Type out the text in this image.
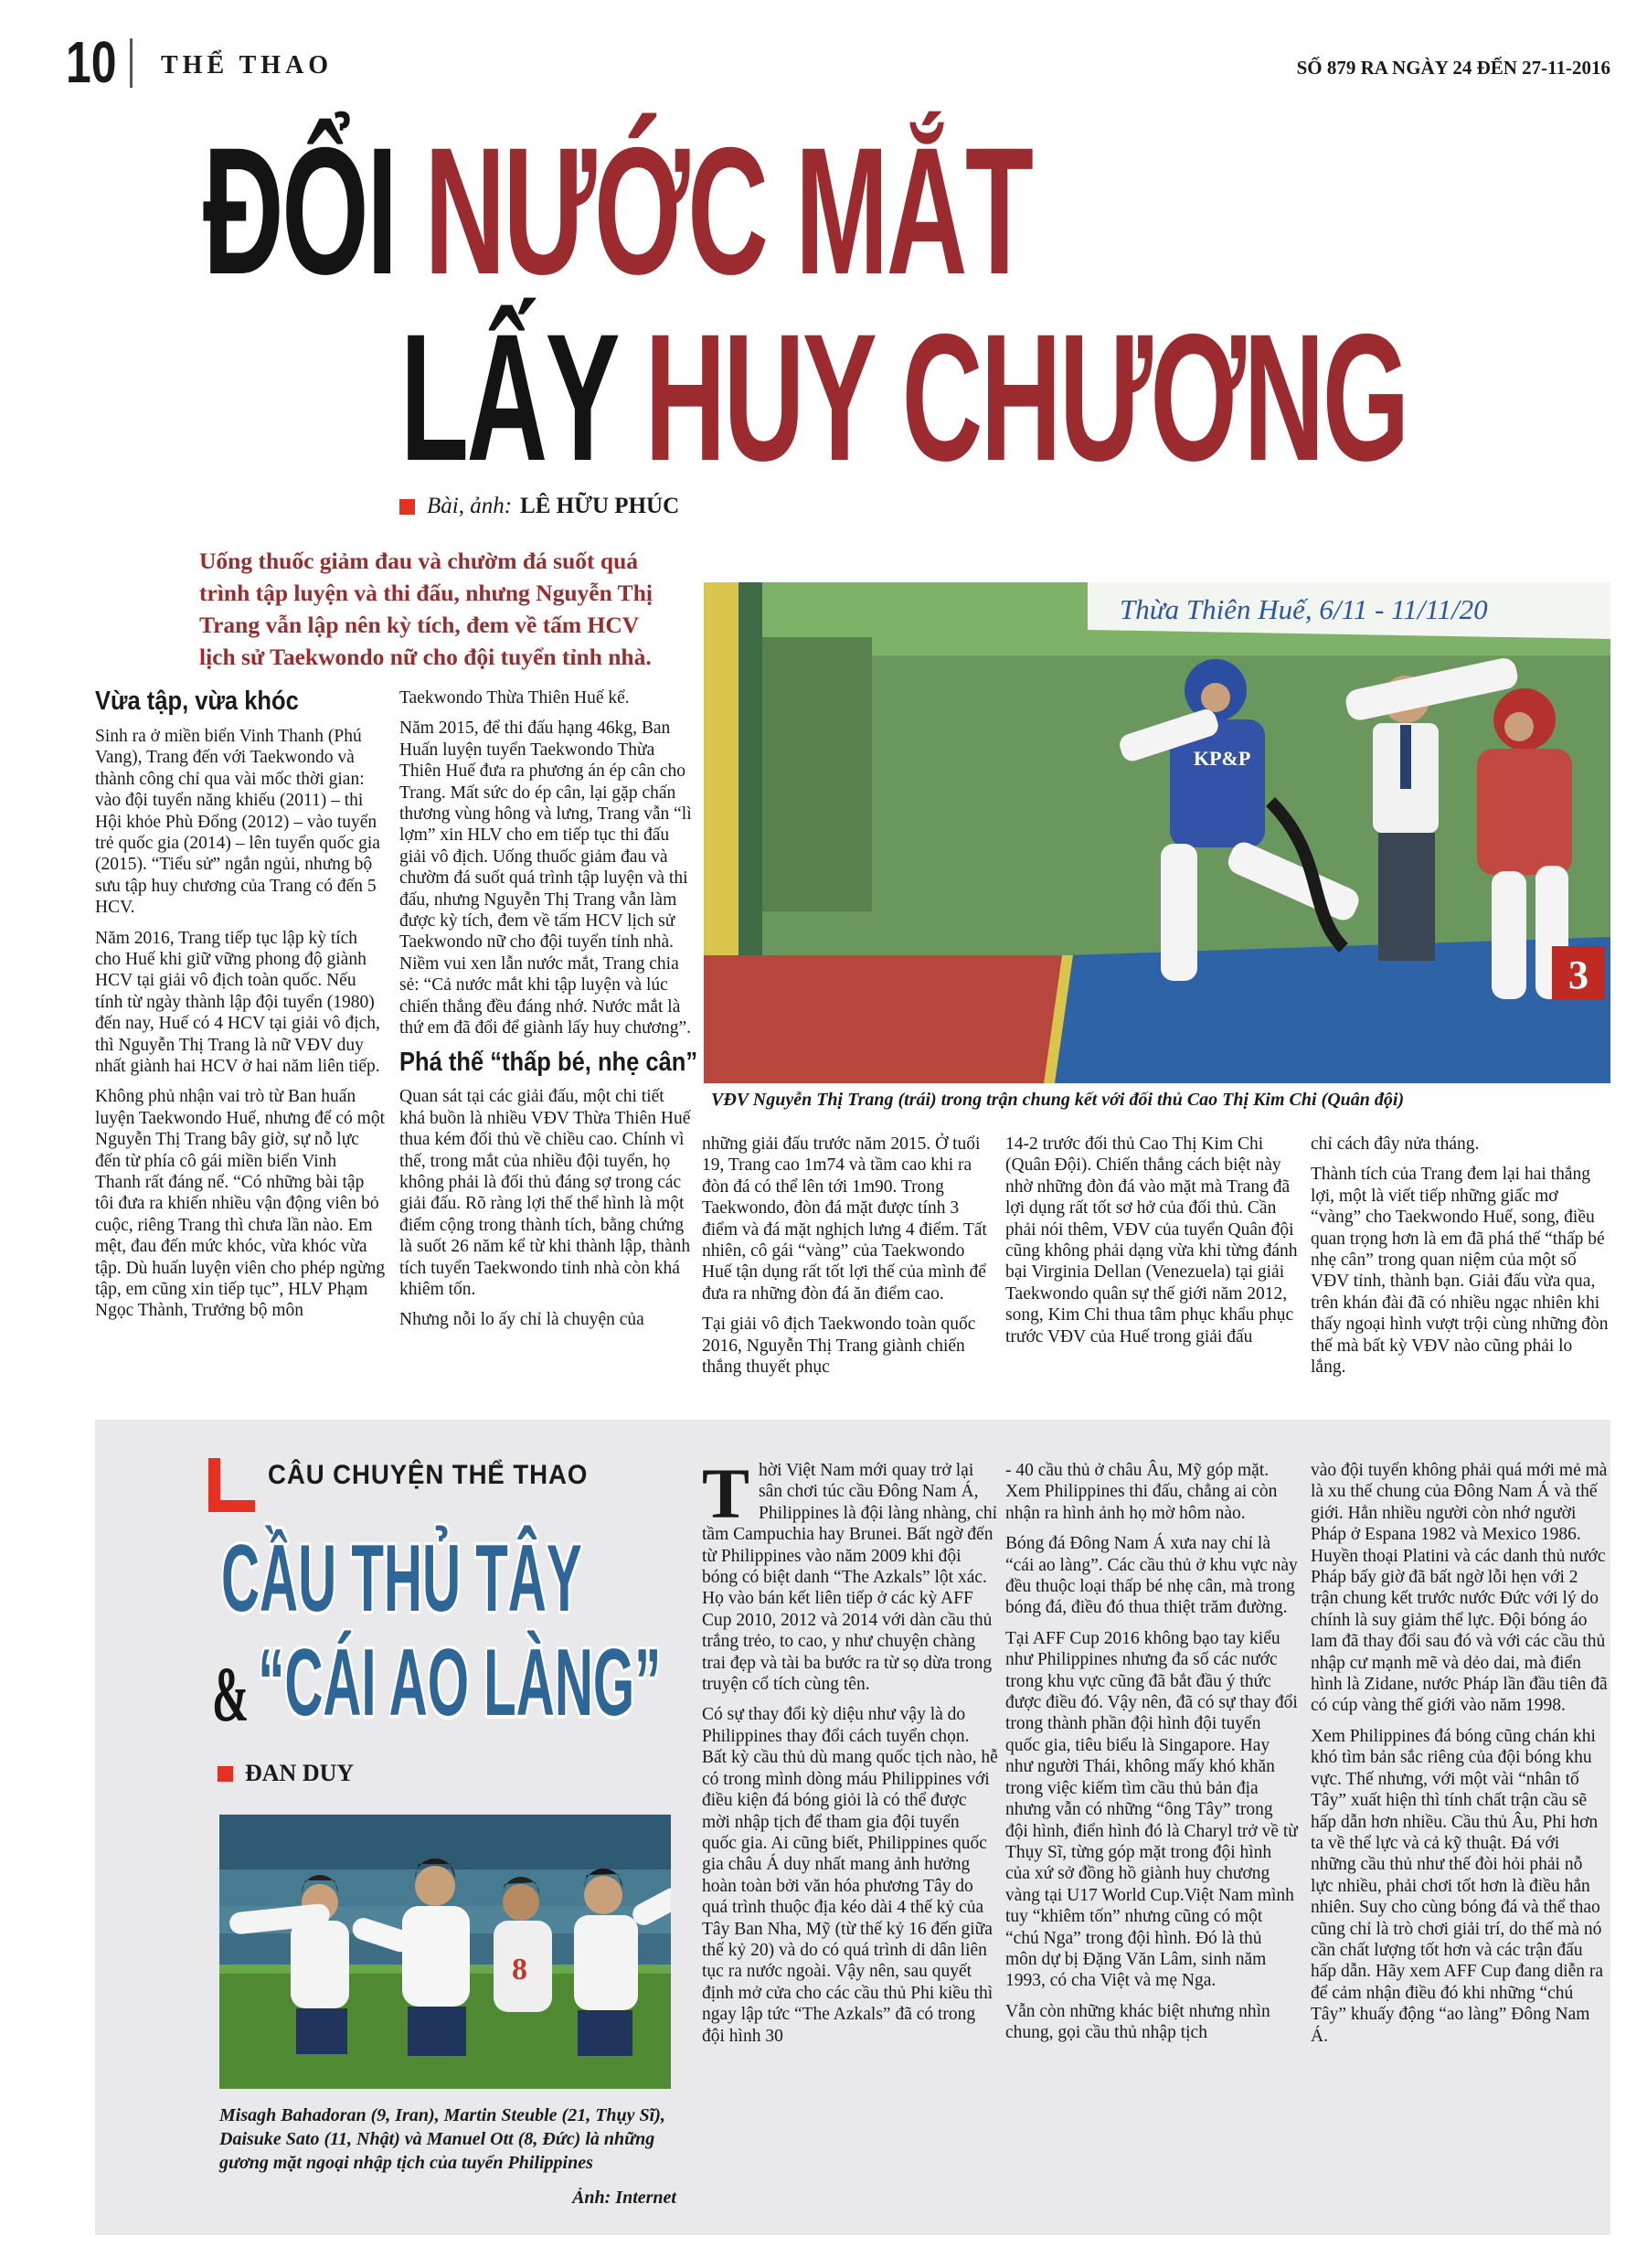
10 THỂ THAO	SỐ 879 RA NGÀY 24 ĐẾN 27-11-2016
ĐỔI NƯỚC MẮT
LẤY HUY CHƯƠNG
Bài, ảnh: LÊ HỮU PHÚC

Uống thuốc giảm đau và chườm đá suốt quá trình tập luyện và thi đấu, nhưng Nguyễn Thị Trang vẫn lập nên kỳ tích, đem về tấm HCV lịch sử Taekwondo nữ cho đội tuyển tỉnh nhà.

Vừa tập, vừa khóc

Sinh ra ở miền biển Vinh Thanh (Phú Vang), Trang đến với Taekwondo và thành công chỉ qua vài mốc thời gian: vào đội tuyển năng khiếu (2011) – thi Hội khỏe Phù Đổng (2012) – vào tuyển trẻ quốc gia (2014) – lên tuyển quốc gia (2015). “Tiểu sử” ngắn ngủi, nhưng bộ sưu tập huy chương của Trang có đến 5 HCV.

Năm 2016, Trang tiếp tục lập kỳ tích cho Huế khi giữ vững phong độ giành HCV tại giải vô địch toàn quốc. Nếu tính từ ngày thành lập đội tuyển (1980) đến nay, Huế có 4 HCV tại giải vô địch, thì Nguyễn Thị Trang là nữ VĐV duy nhất giành hai HCV ở hai năm liên tiếp.

Không phủ nhận vai trò từ Ban huấn luyện Taekwondo Huế, nhưng để có một Nguyễn Thị Trang bây giờ, sự nỗ lực đến từ phía cô gái miền biển Vinh Thanh rất đáng nể. “Có những bài tập tôi đưa ra khiến nhiều vận động viên bỏ cuộc, riêng Trang thì chưa lần nào. Em mệt, đau đến mức khóc, vừa khóc vừa tập. Dù huấn luyện viên cho phép ngừng tập, em cũng xin tiếp tục”, HLV Phạm Ngọc Thành, Trưởng bộ môn

Taekwondo Thừa Thiên Huế kể.

Năm 2015, để thi đấu hạng 46kg, Ban Huấn luyện tuyển Taekwondo Thừa Thiên Huế đưa ra phương án ép cân cho Trang. Mất sức do ép cân, lại gặp chấn thương vùng hông và lưng, Trang vẫn “lì lợm” xin HLV cho em tiếp tục thi đấu giải vô địch. Uống thuốc giảm đau và chườm đá suốt quá trình tập luyện và thi đấu, nhưng Nguyễn Thị Trang vẫn làm được kỳ tích, đem về tấm HCV lịch sử Taekwondo nữ cho đội tuyển tỉnh nhà. Niềm vui xen lẫn nước mắt, Trang chia sẻ: “Cả nước mắt khi tập luyện và lúc chiến thắng đều đáng nhớ. Nước mắt là thứ em đã đổi để giành lấy huy chương”.

Phá thế “thấp bé, nhẹ cân”

Quan sát tại các giải đấu, một chi tiết khá buồn là nhiều VĐV Thừa Thiên Huế thua kém đối thủ về chiều cao. Chính vì thế, trong mắt của nhiều đội tuyển, họ không phải là đối thủ đáng sợ trong các giải đấu. Rõ ràng lợi thế thể hình là một điểm cộng trong thành tích, bằng chứng là suốt 26 năm kể từ khi thành lập, thành tích tuyển Taekwondo tỉnh nhà còn khá khiêm tốn.

Nhưng nỗi lo ấy chỉ là chuyện của

Thừa Thiên Huế, 6/11 - 11/11/20
KP&P
3

VĐV Nguyễn Thị Trang (trái) trong trận chung kết với đối thủ Cao Thị Kim Chi (Quân đội)

những giải đấu trước năm 2015. Ở tuổi 19, Trang cao 1m74 và tầm cao khi ra đòn đá có thể lên tới 1m90. Trong Taekwondo, đòn đá mặt được tính 3 điểm và đá mặt nghịch lưng 4 điểm. Tất nhiên, cô gái “vàng” của Taekwondo Huế tận dụng rất tốt lợi thế của mình để đưa ra những đòn đá ăn điểm cao.

Tại giải vô địch Taekwondo toàn quốc 2016, Nguyễn Thị Trang giành chiến thắng thuyết phục

14-2 trước đối thủ Cao Thị Kim Chi (Quân Đội). Chiến thắng cách biệt này nhờ những đòn đá vào mặt mà Trang đã lợi dụng rất tốt sơ hở của đối thủ. Cần phải nói thêm, VĐV của tuyển Quân đội cũng không phải dạng vừa khi từng đánh bại Virginia Dellan (Venezuela) tại giải Taekwondo quân sự thế giới năm 2012, song, Kim Chi thua tâm phục khẩu phục trước VĐV của Huế trong giải đấu

chỉ cách đây nửa tháng.

Thành tích của Trang đem lại hai thắng lợi, một là viết tiếp những giấc mơ “vàng” cho Taekwondo Huế, song, điều quan trọng hơn là em đã phá thế “thấp bé nhẹ cân” trong quan niệm của một số VĐV tỉnh, thành bạn. Giải đấu vừa qua, trên khán đài đã có nhiều ngạc nhiên khi thấy ngoại hình vượt trội cùng những đòn thế mà bất kỳ VĐV nào cũng phải lo lắng.

CÂU CHUYỆN THỂ THAO
CẦU THỦ TÂY
&“CÁI AO LÀNG”
ĐAN DUY
8

Misagh Bahadoran (9, Iran), Martin Steuble (21, Thụy Sĩ), Daisuke Sato (11, Nhật) và Manuel Ott (8, Đức) là những gương mặt ngoại nhập tịch của tuyển Philippines

Ảnh: Internet

Thời Việt Nam mới quay trở lại sân chơi túc cầu Đông Nam Á, Philippines là đội làng nhàng, chỉ tầm Campuchia hay Brunei. Bất ngờ đến từ Philippines vào năm 2009 khi đội bóng có biệt danh “The Azkals” lột xác. Họ vào bán kết liên tiếp ở các kỳ AFF Cup 2010, 2012 và 2014 với dàn cầu thủ trắng trẻo, to cao, y như chuyện chàng trai đẹp và tài ba bước ra từ sọ dừa trong truyện cổ tích cùng tên.

Có sự thay đổi kỳ diệu như vậy là do Philippines thay đổi cách tuyển chọn. Bất kỳ cầu thủ dù mang quốc tịch nào, hễ có trong mình dòng máu Philippines với điều kiện đá bóng giỏi là có thể được mời nhập tịch để tham gia đội tuyển quốc gia. Ai cũng biết, Philippines quốc gia châu Á duy nhất mang ảnh hưởng hoàn toàn bởi văn hóa phương Tây do quá trình thuộc địa kéo dài 4 thế kỷ của Tây Ban Nha, Mỹ (từ thế kỷ 16 đến giữa thế kỷ 20) và do có quá trình di dân liên tục ra nước ngoài. Vậy nên, sau quyết định mở cửa cho các cầu thủ Phi kiều thì ngay lập tức “The Azkals” đã có trong đội hình 30

- 40 cầu thủ ở châu Âu, Mỹ góp mặt. Xem Philippines thi đấu, chẳng ai còn nhận ra hình ảnh họ mờ hôm nào.

Bóng đá Đông Nam Á xưa nay chỉ là “cái ao làng”. Các cầu thủ ở khu vực này đều thuộc loại thấp bé nhẹ cân, mà trong bóng đá, điều đó thua thiệt trăm đường.

Tại AFF Cup 2016 không bạo tay kiểu như Philippines nhưng đa số các nước trong khu vực cũng đã bắt đầu ý thức được điều đó. Vậy nên, đã có sự thay đổi trong thành phần đội hình đội tuyển quốc gia, tiêu biểu là Singapore. Hay như người Thái, không mấy khó khăn trong việc kiếm tìm cầu thủ bản địa nhưng vẫn có những “ông Tây” trong đội hình, điển hình đó là Charyl trở về từ Thụy Sĩ, từng góp mặt trong đội hình của xứ sở đồng hồ giành huy chương vàng tại U17 World Cup.Việt Nam mình tuy “khiêm tốn” nhưng cũng có một “chú Nga” trong đội hình. Đó là thủ môn dự bị Đặng Văn Lâm, sinh năm 1993, có cha Việt và mẹ Nga.

Vẫn còn những khác biệt nhưng nhìn chung, gọi cầu thủ nhập tịch

vào đội tuyển không phải quá mới mẻ mà là xu thế chung của Đông Nam Á và thế giới. Hẳn nhiều người còn nhớ người Pháp ở Espana 1982 và Mexico 1986. Huyền thoại Platini và các danh thủ nước Pháp bấy giờ đã bất ngờ lỗi hẹn với 2 trận chung kết trước nước Đức với lý do chính là suy giảm thể lực. Đội bóng áo lam đã thay đổi sau đó và với các cầu thủ nhập cư mạnh mẽ và dẻo dai, mà điển hình là Zidane, nước Pháp lần đầu tiên đã có cúp vàng thế giới vào năm 1998.

Xem Philippines đá bóng cũng chán khi khó tìm bản sắc riêng của đội bóng khu vực. Thế nhưng, với một vài “nhân tố Tây” xuất hiện thì tính chất trận cầu sẽ hấp dẫn hơn nhiều. Cầu thủ Âu, Phi hơn ta về thể lực và cả kỹ thuật. Đá với những cầu thủ như thế đòi hỏi phải nỗ lực nhiều, phải chơi tốt hơn là điều hẳn nhiên. Suy cho cùng bóng đá và thể thao cũng chỉ là trò chơi giải trí, do thế mà nó cần chất lượng tốt hơn và các trận đấu hấp dẫn. Hãy xem AFF Cup đang diễn ra để cảm nhận điều đó khi những “chú Tây” khuấy động “ao làng” Đông Nam Á.
